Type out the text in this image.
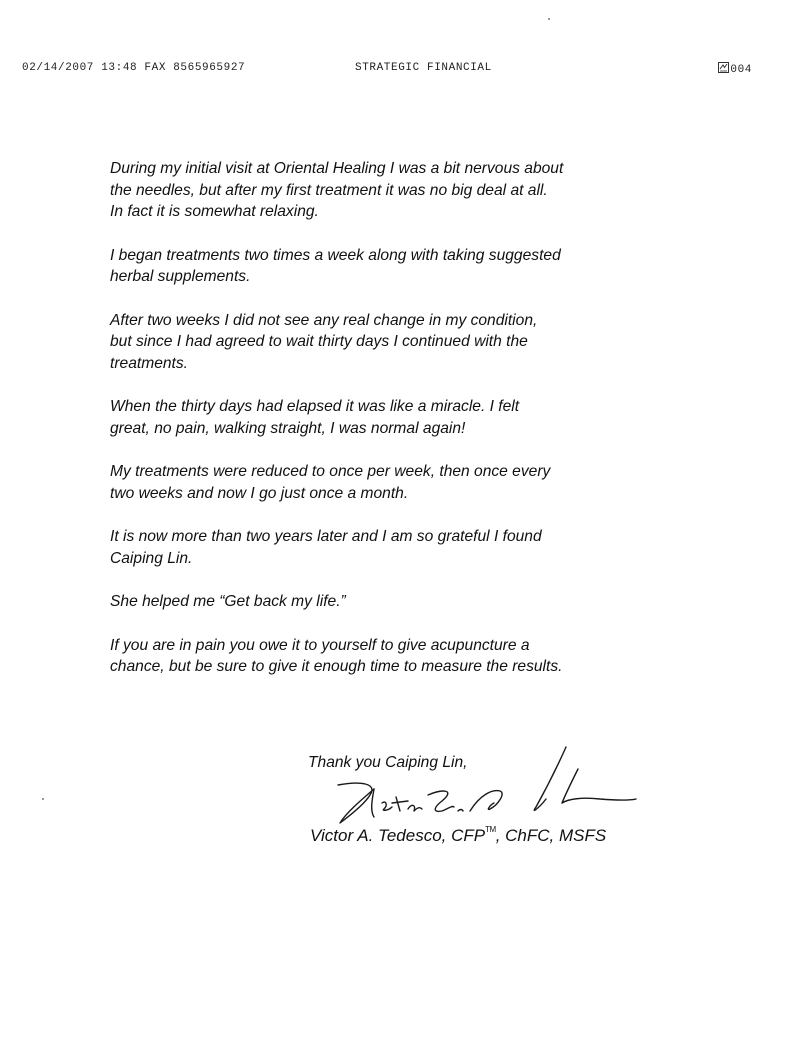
02/14/2007 13:48 FAX 8565965927	STRATEGIC FINANCIAL	004

During my initial visit at Oriental Healing I was a bit nervous about
the needles, but after my first treatment it was no big deal at all.
In fact it is somewhat relaxing.

I began treatments two times a week along with taking suggested
herbal supplements.

After two weeks I did not see any real change in my condition,
but since I had agreed to wait thirty days I continued with the
treatments.

When the thirty days had elapsed it was like a miracle. I felt
great, no pain, walking straight, I was normal again!

My treatments were reduced to once per week, then once every
two weeks and now I go just once a month.

It is now more than two years later and I am so grateful I found
Caiping Lin.

She helped me “Get back my life.”

If you are in pain you owe it to yourself to give acupuncture a
chance, but be sure to give it enough time to measure the results.

Thank you Caiping Lin,
Victor A. Tedesco, CFP™, ChFC, MSFS
